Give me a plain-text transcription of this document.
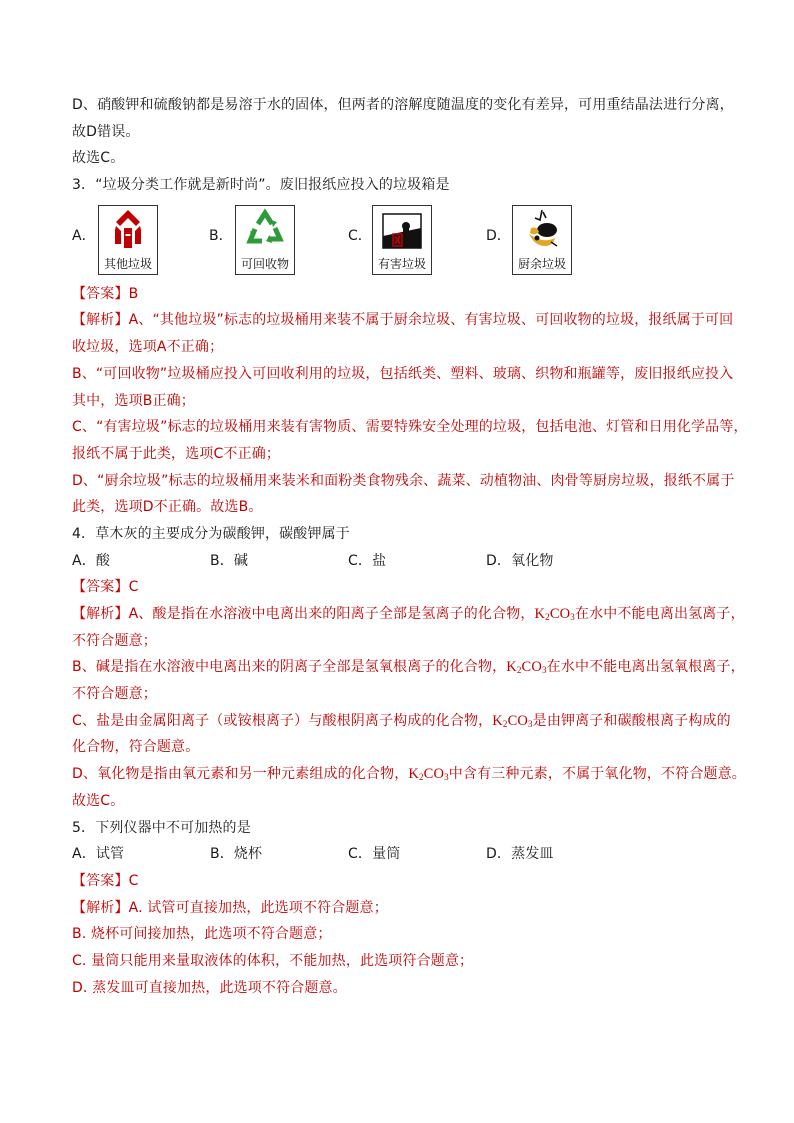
D、硝酸钾和硫酸钠都是易溶于水的固体，但两者的溶解度随温度的变化有差异，可用重结晶法进行分离，
故D错误。
故选C。
3．“垃圾分类工作就是新时尚”。废旧报纸应投入的垃圾箱是
A．
其他垃圾
B．
可回收物
C．
有害垃圾
D．
厨余垃圾
【答案】B
【解析】A、“其他垃圾”标志的垃圾桶用来装不属于厨余垃圾、有害垃圾、可回收物的垃圾，报纸属于可回
收垃圾，选项A不正确；
B、“可回收物”垃圾桶应投入可回收利用的垃圾，包括纸类、塑料、玻璃、织物和瓶罐等，废旧报纸应投入
其中，选项B正确；
C、“有害垃圾”标志的垃圾桶用来装有害物质、需要特殊安全处理的垃圾，包括电池、灯管和日用化学品等，
报纸不属于此类，选项C不正确；
D、“厨余垃圾”标志的垃圾桶用来装米和面粉类食物残余、蔬菜、动植物油、肉骨等厨房垃圾，报纸不属于
此类，选项D不正确。故选B。
4．草木灰的主要成分为碳酸钾，碳酸钾属于
A．酸	B．碱	C．盐	D．氧化物
【答案】C
【解析】A、酸是指在水溶液中电离出来的阳离子全部是氢离子的化合物，$K_2CO_3$在水中不能电离出氢离子，
不符合题意；
B、碱是指在水溶液中电离出来的阴离子全部是氢氧根离子的化合物，$K_2CO_3$在水中不能电离出氢氧根离子，
不符合题意；
C、盐是由金属阳离子（或铵根离子）与酸根阴离子构成的化合物，$K_2CO_3$是由钾离子和碳酸根离子构成的
化合物，符合题意。
D、氧化物是指由氧元素和另一种元素组成的化合物，$K_2CO_3$中含有三种元素，不属于氧化物，不符合题意。
故选C。
5．下列仪器中不可加热的是
A．试管	B．烧杯	C．量筒	D．蒸发皿
【答案】C
【解析】A. 试管可直接加热，此选项不符合题意；
B. 烧杯可间接加热，此选项不符合题意；
C. 量筒只能用来量取液体的体积，不能加热，此选项符合题意；
D. 蒸发皿可直接加热，此选项不符合题意。
